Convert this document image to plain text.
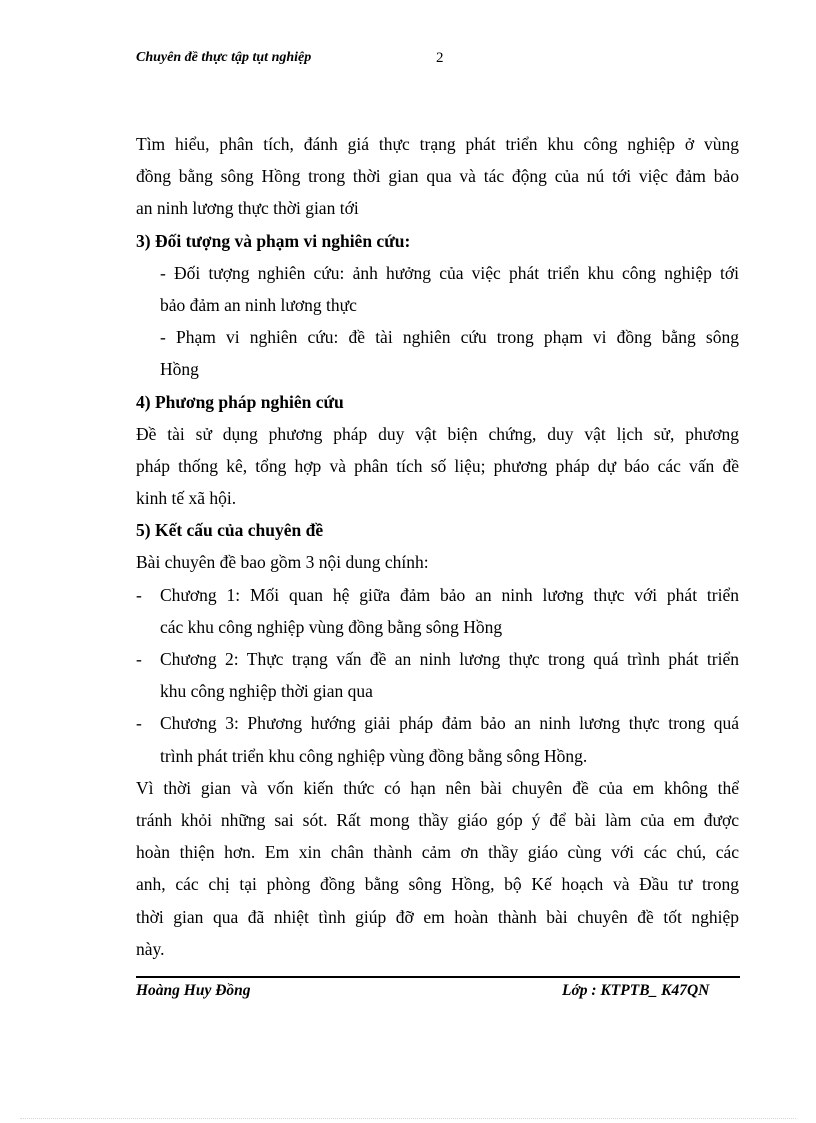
Chuyên đề thực tập tụt nghiệp	2
Tìm hiểu, phân tích, đánh giá thực trạng phát triển khu công nghiệp ở vùng
đồng bằng sông Hồng trong thời gian qua và tác động của nú tới việc đảm bảo
an ninh lương thực thời gian tới
3) Đối tượng và phạm vi nghiên cứu:
- Đối tượng nghiên cứu: ảnh hưởng của việc phát triển khu công nghiệp tới
bảo đảm an ninh lương thực
- Phạm vi nghiên cứu: đề tài nghiên cứu trong phạm vi đồng bằng sông
Hồng
4) Phương pháp nghiên cứu
Đề tài sử dụng phương pháp duy vật biện chứng, duy vật lịch sử, phương
pháp thống kê, tổng hợp và phân tích số liệu; phương pháp dự báo các vấn đề
kinh tế xã hội.
5) Kết cấu của chuyên đề
Bài chuyên đề bao gồm 3 nội dung chính:
- Chương 1: Mối quan hệ giữa đảm bảo an ninh lương thực với phát triển
các khu công nghiệp vùng đồng bằng sông Hồng
- Chương 2: Thực trạng vấn đề an ninh lương thực trong quá trình phát triển
khu công nghiệp thời gian qua
- Chương 3: Phương hướng giải pháp đảm bảo an ninh lương thực trong quá
trình phát triển khu công nghiệp vùng đồng bằng sông Hồng.
Vì thời gian và vốn kiến thức có hạn nên bài chuyên đề của em không thể
tránh khỏi những sai sót. Rất mong thầy giáo góp ý để bài làm của em được
hoàn thiện hơn. Em xin chân thành cảm ơn thầy giáo cùng với các chú, các
anh, các chị tại phòng đồng bằng sông Hồng, bộ Kế hoạch và Đầu tư trong
thời gian qua đã nhiệt tình giúp đỡ em hoàn thành bài chuyên đề tốt nghiệp
này.
Hoàng Huy Đồng	Lớp : KTPTB_ K47QN
